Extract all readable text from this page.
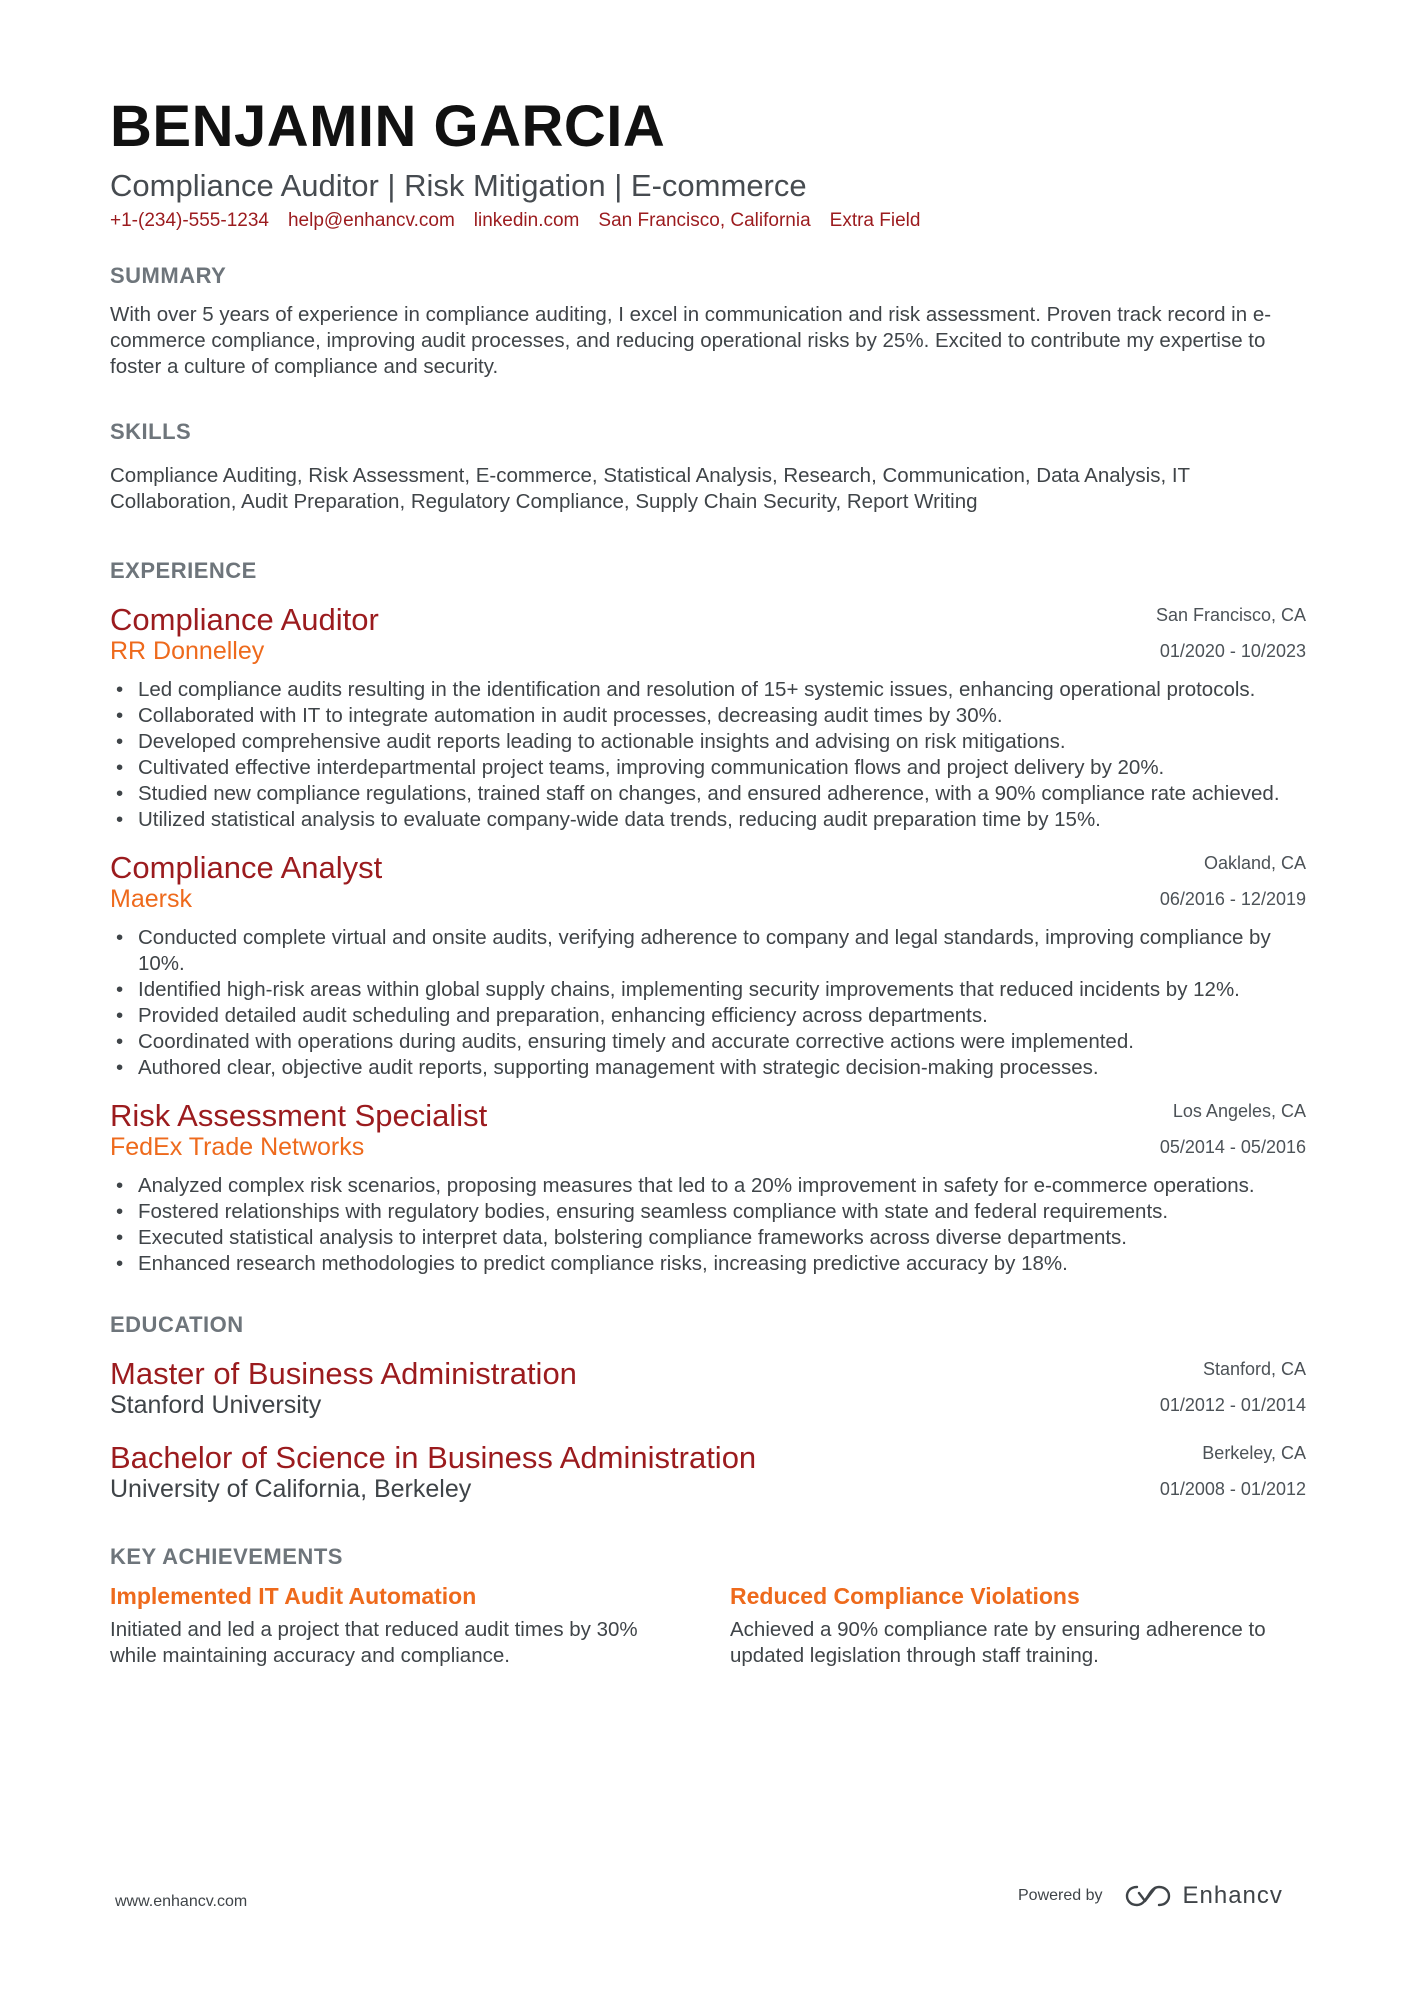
BENJAMIN GARCIA
Compliance Auditor | Risk Mitigation | E-commerce
+1-(234)-555-1234 help@enhancv.com linkedin.com San Francisco, California Extra Field
SUMMARY
With over 5 years of experience in compliance auditing, I excel in communication and risk assessment. Proven track record in e-commerce compliance, improving audit processes, and reducing operational risks by 25%. Excited to contribute my expertise to foster a culture of compliance and security.
SKILLS
Compliance Auditing, Risk Assessment, E-commerce, Statistical Analysis, Research, Communication, Data Analysis, IT Collaboration, Audit Preparation, Regulatory Compliance, Supply Chain Security, Report Writing
EXPERIENCE
Compliance Auditor
RR Donnelley
San Francisco, CA
01/2020 - 10/2023
• Led compliance audits resulting in the identification and resolution of 15+ systemic issues, enhancing operational protocols.
• Collaborated with IT to integrate automation in audit processes, decreasing audit times by 30%.
• Developed comprehensive audit reports leading to actionable insights and advising on risk mitigations.
• Cultivated effective interdepartmental project teams, improving communication flows and project delivery by 20%.
• Studied new compliance regulations, trained staff on changes, and ensured adherence, with a 90% compliance rate achieved.
• Utilized statistical analysis to evaluate company-wide data trends, reducing audit preparation time by 15%.
Compliance Analyst
Maersk
Oakland, CA
06/2016 - 12/2019
• Conducted complete virtual and onsite audits, verifying adherence to company and legal standards, improving compliance by 10%.
• Identified high-risk areas within global supply chains, implementing security improvements that reduced incidents by 12%.
• Provided detailed audit scheduling and preparation, enhancing efficiency across departments.
• Coordinated with operations during audits, ensuring timely and accurate corrective actions were implemented.
• Authored clear, objective audit reports, supporting management with strategic decision-making processes.
Risk Assessment Specialist
FedEx Trade Networks
Los Angeles, CA
05/2014 - 05/2016
• Analyzed complex risk scenarios, proposing measures that led to a 20% improvement in safety for e-commerce operations.
• Fostered relationships with regulatory bodies, ensuring seamless compliance with state and federal requirements.
• Executed statistical analysis to interpret data, bolstering compliance frameworks across diverse departments.
• Enhanced research methodologies to predict compliance risks, increasing predictive accuracy by 18%.
EDUCATION
Master of Business Administration
Stanford University
Stanford, CA
01/2012 - 01/2014
Bachelor of Science in Business Administration
University of California, Berkeley
Berkeley, CA
01/2008 - 01/2012
KEY ACHIEVEMENTS
Implemented IT Audit Automation
Initiated and led a project that reduced audit times by 30% while maintaining accuracy and compliance.
Reduced Compliance Violations
Achieved a 90% compliance rate by ensuring adherence to updated legislation through staff training.
www.enhancv.com	Powered by	Enhancv
